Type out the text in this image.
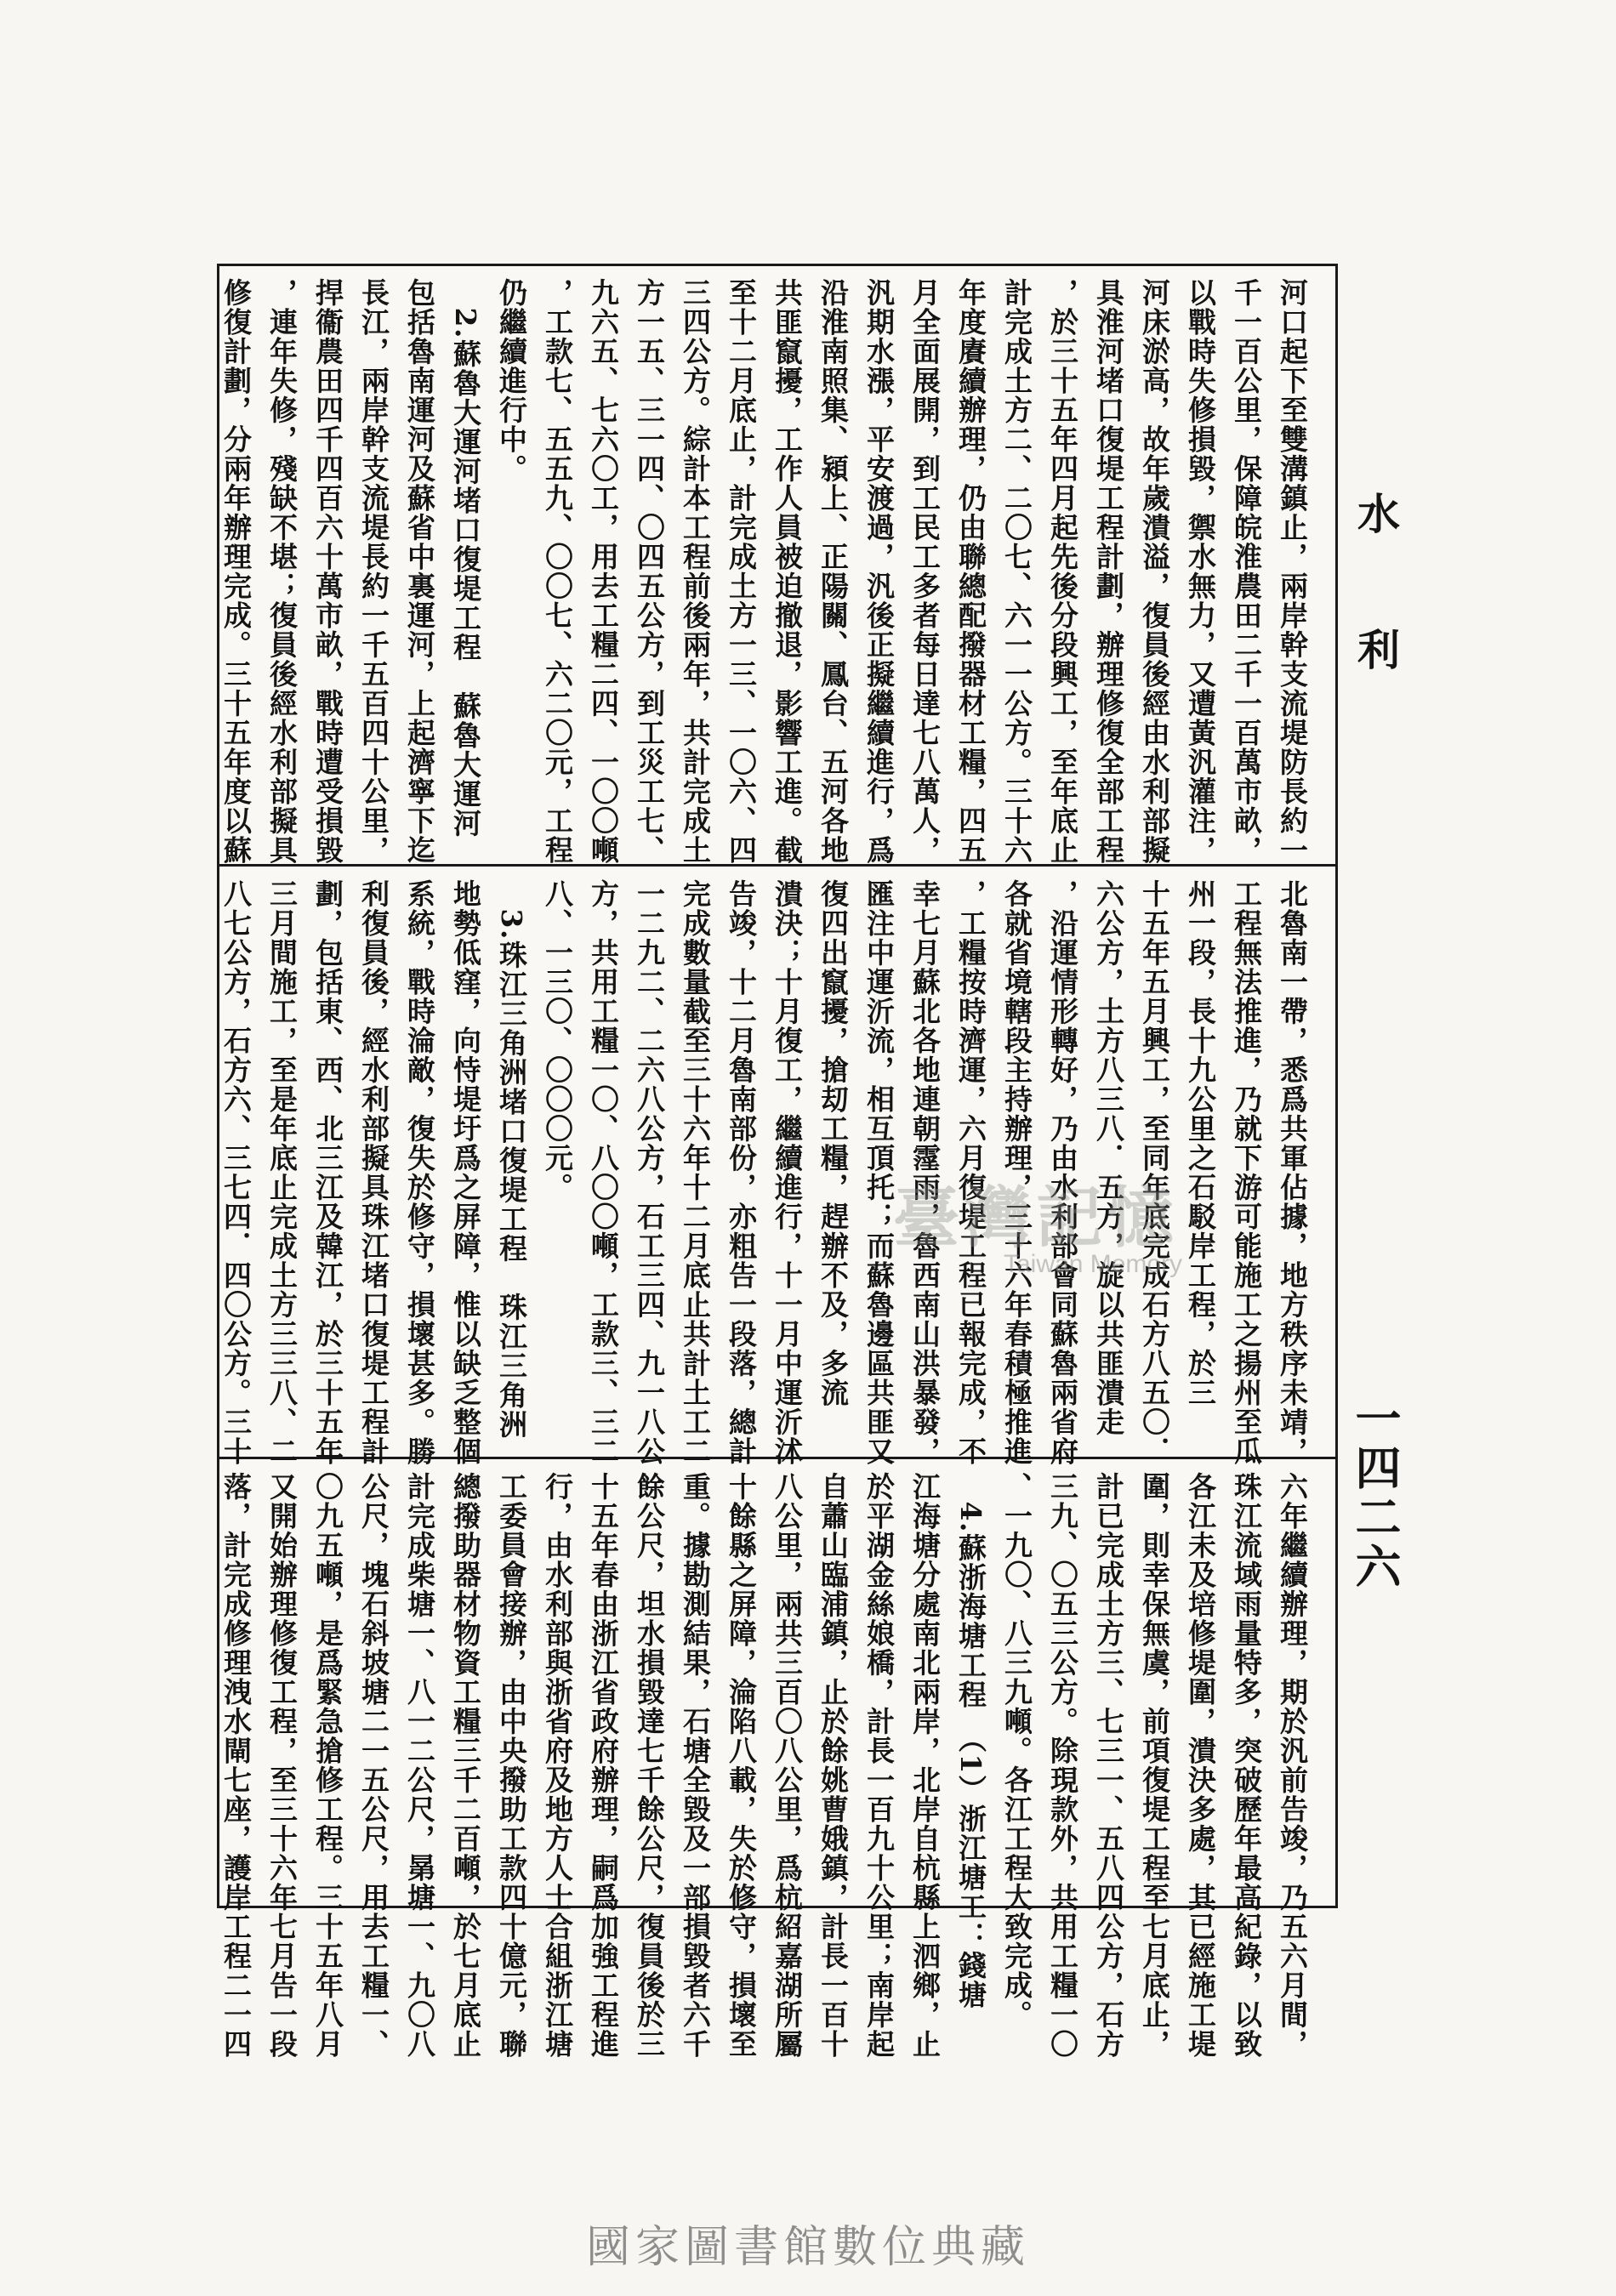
水
利
一四二六
河口起下至雙溝鎮止，兩岸幹支流堤防長約一
千一百公里，保障皖淮農田二千一百萬市畝，
以戰時失修損毀，禦水無力，又遭黃汎灌注，
河床淤高，故年歲潰溢，復員後經由水利部擬
具淮河堵口復堤工程計劃，辦理修復全部工程
，於三十五年四月起先後分段興工，至年底止
計完成土方二、二〇七、六一一公方。三十六
年度賡續辦理，仍由聯總配撥器材工糧，四五
月全面展開，到工民工多者每日達七八萬人，
汎期水漲，平安渡過，汎後正擬繼續進行，爲
沿淮南照集、潁上、正陽關、鳳台、五河各地
共匪竄擾，工作人員被迫撤退，影響工進。截
至十二月底止，計完成土方一三、一〇六、四
三四公方。綜計本工程前後兩年，共計完成土
方一五、三一四、〇四五公方，到工災工七、
九六五、七六〇工，用去工糧二四、一〇〇噸
，工款七、五五九、〇〇七、六二〇元，工程
仍繼續進行中。
　2.蘇魯大運河堵口復堤工程　蘇魯大運河
包括魯南運河及蘇省中裏運河，上起濟寧下迄
長江，兩岸幹支流堤長約一千五百四十公里，
捍衞農田四千四百六十萬市畝，戰時遭受損毀
，連年失修，殘缺不堪；復員後經水利部擬具
修復計劃，分兩年辦理完成。三十五年度以蘇
北魯南一帶，悉爲共軍佔據，地方秩序未靖，
工程無法推進，乃就下游可能施工之揚州至瓜
州一段，長十九公里之石駁岸工程，於三
十五年五月興工，至同年底完成石方八五〇．
六公方，土方八三八．五方，旋以共匪潰走
，沿運情形轉好，乃由水利部會同蘇魯兩省府
各就省境轄段主持辦理，三十六年春積極推進
，工糧按時濟運，六月復堤工程已報完成，不
幸七月蘇北各地連朝霪雨，魯西南山洪暴發，
匯注中運沂流，相互頂托；而蘇魯邊區共匪又
復四出竄擾，搶刧工糧，趕辦不及，多流
潰決；十月復工，繼續進行，十一月中運沂沭
告竣，十二月魯南部份，亦粗告一段落，總計
完成數量截至三十六年十二月底止共計土工二
一二九二、二六八公方，石工三四、九一八公
方，共用工糧一〇、八〇〇噸，工款三、三二
八、一三〇、〇〇〇元。
　3.珠江三角洲堵口復堤工程　珠江三角洲
地勢低窪，向恃堤圩爲之屏障，惟以缺乏整個
系統，戰時淪敵，復失於修守，損壞甚多。勝
利復員後，經水利部擬具珠江堵口復堤工程計
劃，包括東、西、北三江及韓江，於三十五年
三月間施工，至是年底止完成土方三三八、二
八七公方，石方六、三七四．四〇公方。三十
六年繼續辦理，期於汎前告竣，乃五六月間，
珠江流域雨量特多，突破歷年最高紀錄，以致
各江未及培修堤圍，潰決多處，其已經施工堤
圍，則幸保無虞，前項復堤工程至七月底止，
計已完成土方三、七三一、五八四公方，石方
三九、〇五三公方。除現款外，共用工糧一〇
、一九〇、八三九噸。各江工程大致完成。
　4.蘇浙海塘工程　（1）浙江塘工：錢塘
江海塘分處南北兩岸，北岸自杭縣上泗鄉，止
於平湖金絲娘橋，計長一百九十公里；南岸起
自蕭山臨浦鎮，止於餘姚曹娥鎮，計長一百十
八公里，兩共三百〇八公里，爲杭紹嘉湖所屬
十餘縣之屏障，淪陷八載，失於修守，損壞至
重。據勘測結果，石塘全毀及一部損毀者六千
餘公尺，坦水損毀達七千餘公尺，復員後於三
十五年春由浙江省政府辦理，嗣爲加強工程進
行，由水利部與浙省府及地方人士合組浙江塘
工委員會接辦，由中央撥助工款四十億元，聯
總撥助器材物資工糧三千二百噸，於七月底止
計完成柴塘一、八一二公尺，晜塘一、九〇八
公尺，塊石斜坡塘二一五公尺，用去工糧一、
〇九五噸，是爲緊急搶修工程。三十五年八月
又開始辦理修復工程，至三十六年七月告一段
落，計完成修理洩水閘七座，護岸工程二一四
臺灣記憶
Taiwan Memory
國家圖書館數位典藏
